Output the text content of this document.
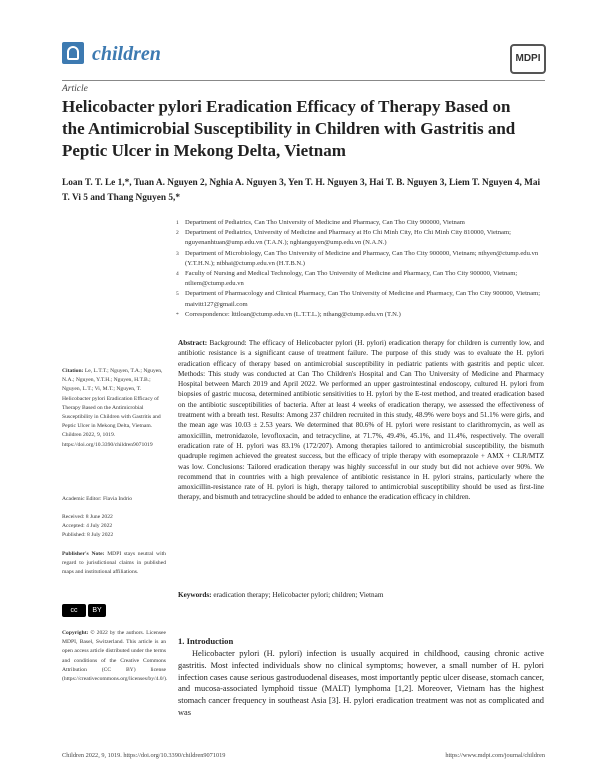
children	MDPI
Article
Helicobacter pylori Eradication Efficacy of Therapy Based on the Antimicrobial Susceptibility in Children with Gastritis and Peptic Ulcer in Mekong Delta, Vietnam
Loan T. T. Le 1,*, Tuan A. Nguyen 2, Nghia A. Nguyen 3, Yen T. H. Nguyen 3, Hai T. B. Nguyen 3, Liem T. Nguyen 4, Mai T. Vi 5 and Thang Nguyen 5,*
1 Department of Pediatrics, Can Tho University of Medicine and Pharmacy, Can Tho City 900000, Vietnam
2 Department of Pediatrics, University of Medicine and Pharmacy at Ho Chi Minh City, Ho Chi Minh City 810000, Vietnam; nguyenanhtuan@ump.edu.vn (T.A.N.); nghianguyen@ump.edu.vn (N.A.N.)
3 Department of Microbiology, Can Tho University of Medicine and Pharmacy, Can Tho City 900000, Vietnam; nthyen@ctump.edu.vn (Y.T.H.N.); ntbhai@ctump.edu.vn (H.T.B.N.)
4 Faculty of Nursing and Medical Technology, Can Tho University of Medicine and Pharmacy, Can Tho City 900000, Vietnam; ntliem@ctump.edu.vn
5 Department of Pharmacology and Clinical Pharmacy, Can Tho University of Medicine and Pharmacy, Can Tho City 900000, Vietnam; maivitt127@gmail.com
* Correspondence: ltttloan@ctump.edu.vn (L.T.T.L.); nthang@ctump.edu.vn (T.N.)
Citation: Le, L.T.T.; Nguyen, T.A.; Nguyen, N.A.; Nguyen, Y.T.H.; Nguyen, H.T.B.; Nguyen, L.T.; Vi, M.T.; Nguyen, T. Helicobacter pylori Eradication Efficacy of Therapy Based on the Antimicrobial Susceptibility in Children with Gastritis and Peptic Ulcer in Mekong Delta, Vietnam. Children 2022, 9, 1019. https://doi.org/10.3390/children9071019
Academic Editor: Flavia Indrio
Received: 8 June 2022
Accepted: 4 July 2022
Published: 8 July 2022
Publisher's Note: MDPI stays neutral with regard to jurisdictional claims in published maps and institutional affiliations.
cc	BY
Copyright: © 2022 by the authors. Licensee MDPI, Basel, Switzerland. This article is an open access article distributed under the terms and conditions of the Creative Commons Attribution (CC BY) license (https://creativecommons.org/licenses/by/4.0/).
Abstract: Background: The efficacy of Helicobacter pylori (H. pylori) eradication therapy for children is currently low, and antibiotic resistance is a significant cause of treatment failure. The purpose of this study was to evaluate the H. pylori eradication efficacy of therapy based on antimicrobial susceptibility in pediatric patients with gastritis and peptic ulcer. Methods: This study was conducted at Can Tho Children's Hospital and Can Tho University of Medicine and Pharmacy Hospital between March 2019 and April 2022. We performed an upper gastrointestinal endoscopy, cultured H. pylori from biopsies of gastric mucosa, determined antibiotic sensitivities to H. pylori by the E-test method, and treated eradication based on the antibiotic susceptibilities of bacteria. After at least 4 weeks of eradication therapy, we assessed the effectiveness of treatment with a breath test. Results: Among 237 children recruited in this study, 48.9% were boys and 51.1% were girls, and the mean age was 10.03 ± 2.53 years. We determined that 80.6% of H. pylori were resistant to clarithromycin, as well as amoxicillin, metronidazole, levofloxacin, and tetracycline, at 71.7%, 49.4%, 45.1%, and 11.4%, respectively. The overall eradication rate of H. pylori was 83.1% (172/207). Among therapies tailored to antimicrobial susceptibility, the bismuth quadruple regimen achieved the greatest success, but the efficacy of triple therapy with esomeprazole + AMX + CLR/MTZ was low. Conclusions: Tailored eradication therapy was highly successful in our study but did not achieve over 90%. We recommend that in countries with a high prevalence of antibiotic resistance in H. pylori strains, particularly where the amoxicillin-resistance rate of H. pylori is high, therapy tailored to antimicrobial susceptibility should be used as first-line therapy, and bismuth and tetracycline should be added to enhance the eradication efficacy in children.
Keywords: eradication therapy; Helicobacter pylori; children; Vietnam
1. Introduction
Helicobacter pylori (H. pylori) infection is usually acquired in childhood, causing chronic active gastritis. Most infected individuals show no clinical symptoms; however, a small number of H. pylori infection cases cause serious gastroduodenal diseases, most importantly peptic ulcer disease, stomach cancer, and mucosa-associated lymphoid tissue (MALT) lymphoma [1,2]. Moreover, Vietnam has the highest stomach cancer frequency in southeast Asia [3]. H. pylori eradication treatment was not as complicated and was
Children 2022, 9, 1019. https://doi.org/10.3390/children9071019	https://www.mdpi.com/journal/children
